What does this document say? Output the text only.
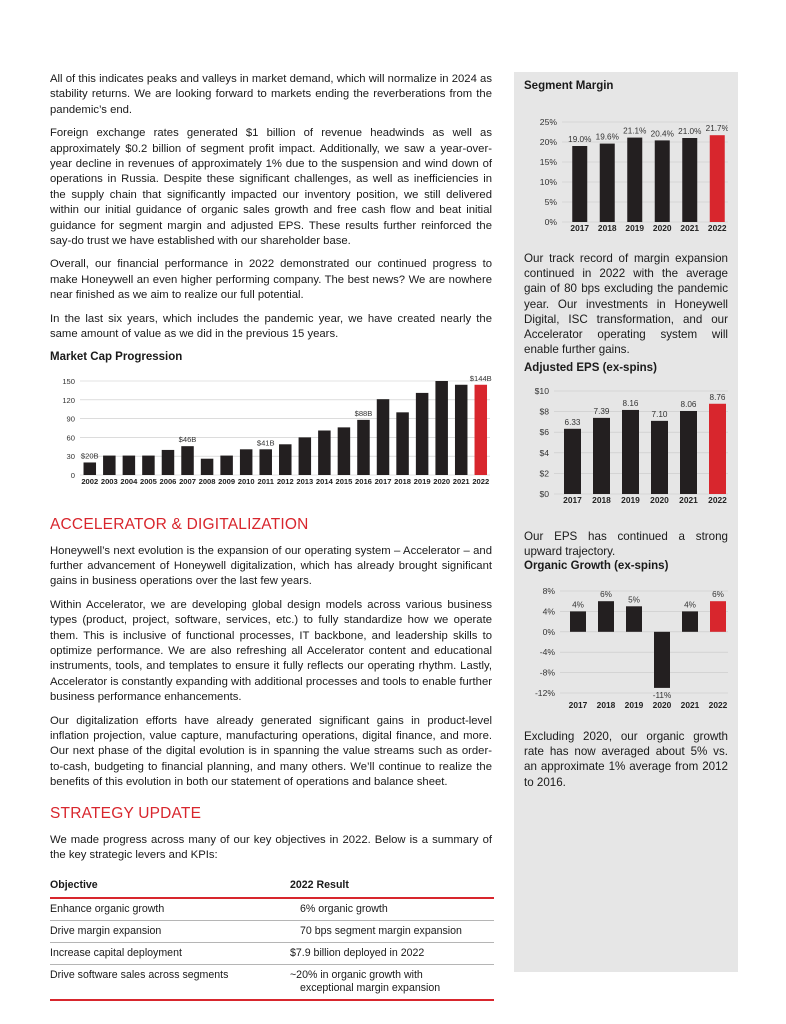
All of this indicates peaks and valleys in market demand, which will normalize in 2024 as stability returns. We are looking forward to markets ending the reverberations from the pandemic’s end.

Foreign exchange rates generated $1 billion of revenue headwinds as well as approximately $0.2 billion of segment profit impact. Additionally, we saw a year-over-year decline in revenues of approximately 1% due to the suspension and wind down of operations in Russia. Despite these significant challenges, as well as inefficiencies in the supply chain that significantly impacted our inventory position, we still delivered within our initial guidance of organic sales growth and free cash flow and beat initial guidance for segment margin and adjusted EPS. These results further reinforced the say-do trust we have established with our shareholder base.

Overall, our financial performance in 2022 demonstrated our continued progress to make Honeywell an even higher performing company. The best news? We are nowhere near finished as we aim to realize our full potential.

In the last six years, which includes the pandemic year, we have created nearly the same amount of value as we did in the previous 15 years.

Market Cap Progression
0
30
60
90
120
150
2002
$20B
2003 2004 2005 2006 2007
$46B
2008 2009 2010 2011
$41B
2012 2013 2014 2015 2016
$88B
2017 2018 2019 2020 2021 2022
$144B
ACCELERATOR & DIGITALIZATION

Honeywell’s next evolution is the expansion of our operating system – Accelerator – and further advancement of Honeywell digitalization, which has already brought significant gains in business operations over the last few years.

Within Accelerator, we are developing global design models across various business types (product, project, software, services, etc.) to fully standardize how we operate them. This is inclusive of functional processes, IT backbone, and leadership skills to optimize performance. We are also refreshing all Accelerator content and educational instruments, tools, and templates to ensure it fully reflects our operating rhythm. Lastly, Accelerator is constantly expanding with additional processes and tools to enable further business performance enhancements.

Our digitalization efforts have already generated significant gains in product-level inflation projection, value capture, manufacturing operations, digital finance, and more. Our next phase of the digital evolution is in spanning the value streams such as order-to-cash, budgeting to financial planning, and many others. We’ll continue to realize the benefits of this evolution in both our statement of operations and balance sheet.

STRATEGY UPDATE

We made progress across many of our key objectives in 2022. Below is a summary of the key strategic levers and KPIs:

Objective	2022 Result
Enhance organic growth	6% organic growth
Drive margin expansion	70 bps segment margin expansion
Increase capital deployment	$7.9 billion deployed in 2022
Drive software sales across segments	~20% in organic growth with
exceptional margin expansion
Segment Margin
0%
5%
10%
15%
20%
25%
2017
19.0%
2018
19.6%
2019
21.1%
2020
20.4%
2021
21.0%
2022
21.7%

Our track record of margin expansion continued in 2022 with the average gain of 80 bps excluding the pandemic year. Our investments in Honeywell Digital, ISC transformation, and our Accelerator operating system will enable further gains.

Adjusted EPS (ex-spins)
$0
$2
$4
$6
$8
$10
2017
6.33
2018
7.39
2019
8.16
2020
7.10
2021
8.06
2022
8.76

Our EPS has continued a strong upward trajectory.

Organic Growth (ex-spins)
-12%
-8%
-4%
0%
4%
8%
2017
4%
2018
6%
2019
5%
2020
-11%
2021
4%
2022
6%

Excluding 2020, our organic growth rate has now averaged about 5% vs. an approximate 1% average from 2012 to 2016.
